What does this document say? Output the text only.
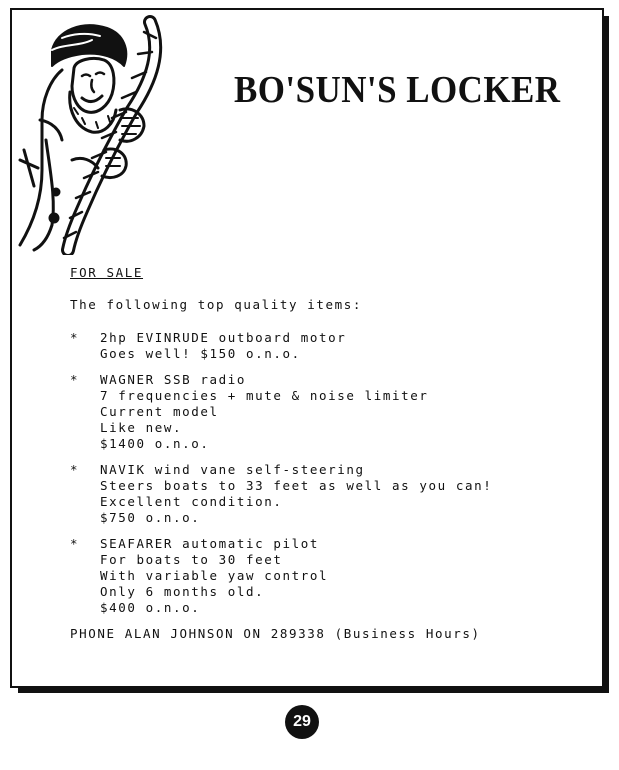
BO'SUN'S LOCKER

FOR SALE

The following top quality items:

* 2hp EVINRUDE outboard motor
Goes well! $150 o.n.o.
* WAGNER SSB radio
7 frequencies + mute & noise limiter
Current model
Like new.
$1400 o.n.o.
* NAVIK wind vane self-steering
Steers boats to 33 feet as well as you can!
Excellent condition.
$750 o.n.o.
* SEAFARER automatic pilot
For boats to 30 feet
With variable yaw control
Only 6 months old.
$400 o.n.o.

PHONE ALAN JOHNSON ON 289338 (Business Hours)

29
